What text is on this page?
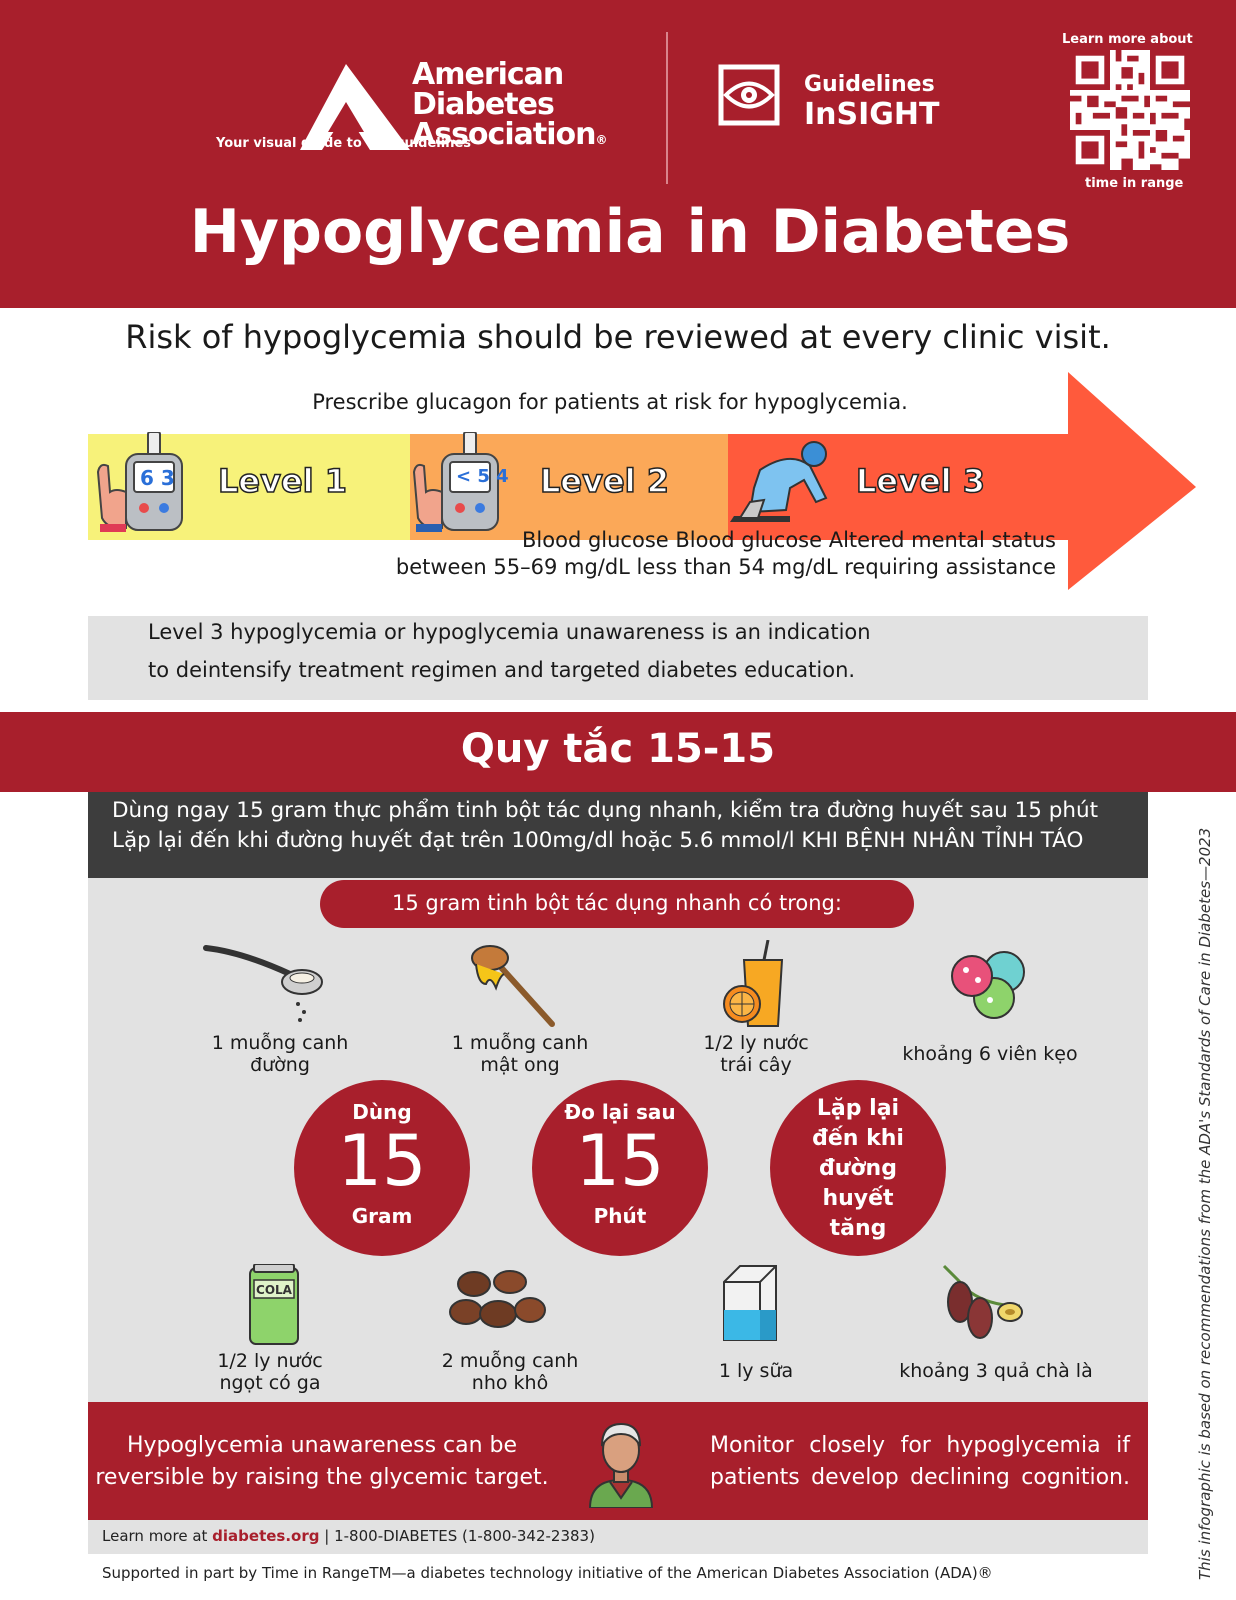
American
Diabetes
Association®
Your visual guide to the guidelines
Guidelines
InSIGHT
Learn more about
time in range
Hypoglycemia in Diabetes
Risk of hypoglycemia should be reviewed at every clinic visit.
Prescribe glucagon for patients at risk for hypoglycemia.
6 3 Level 1	< 5 4 Level 2	Level 3
Blood glucose Blood glucose Altered mental status
between 55–69 mg/dL less than 54 mg/dL requiring assistance
Level 3 hypoglycemia or hypoglycemia unawareness is an indication
to deintensify treatment regimen and targeted diabetes education.
Quy tắc 15-15
Dùng ngay 15 gram thực phẩm tinh bột tác dụng nhanh, kiểm tra đường huyết sau 15 phút
Lặp lại đến khi đường huyết đạt trên 100mg/dl hoặc 5.6 mmol/l KHI BỆNH NHÂN TỈNH TÁO
15 gram tinh bột tác dụng nhanh có trong:
1 muỗng canh
đường
1 muỗng canh
mật ong
1/2 ly nước
trái cây	khoảng 6 viên kẹo
Dùng
15
Gram
Đo lại sau
15
Phút
Lặp lại
đến khi
đường
huyết
tăng
COLA
1/2 ly nước
ngọt có ga
2 muỗng canh
nho khô
1 ly sữa	khoảng 3 quả chà là
Hypoglycemia unawareness can be
reversible by raising the glycemic target.
Monitor closely for hypoglycemia if
patients develop declining cognition.
Learn more at diabetes.org | 1-800-DIABETES (1-800-342-2383)
Supported in part by Time in RangeTM—a diabetes technology initiative of the American Diabetes Association (ADA)®	This infographic is based on recommendations from the ADA's Standards of Care in Diabetes—2023
